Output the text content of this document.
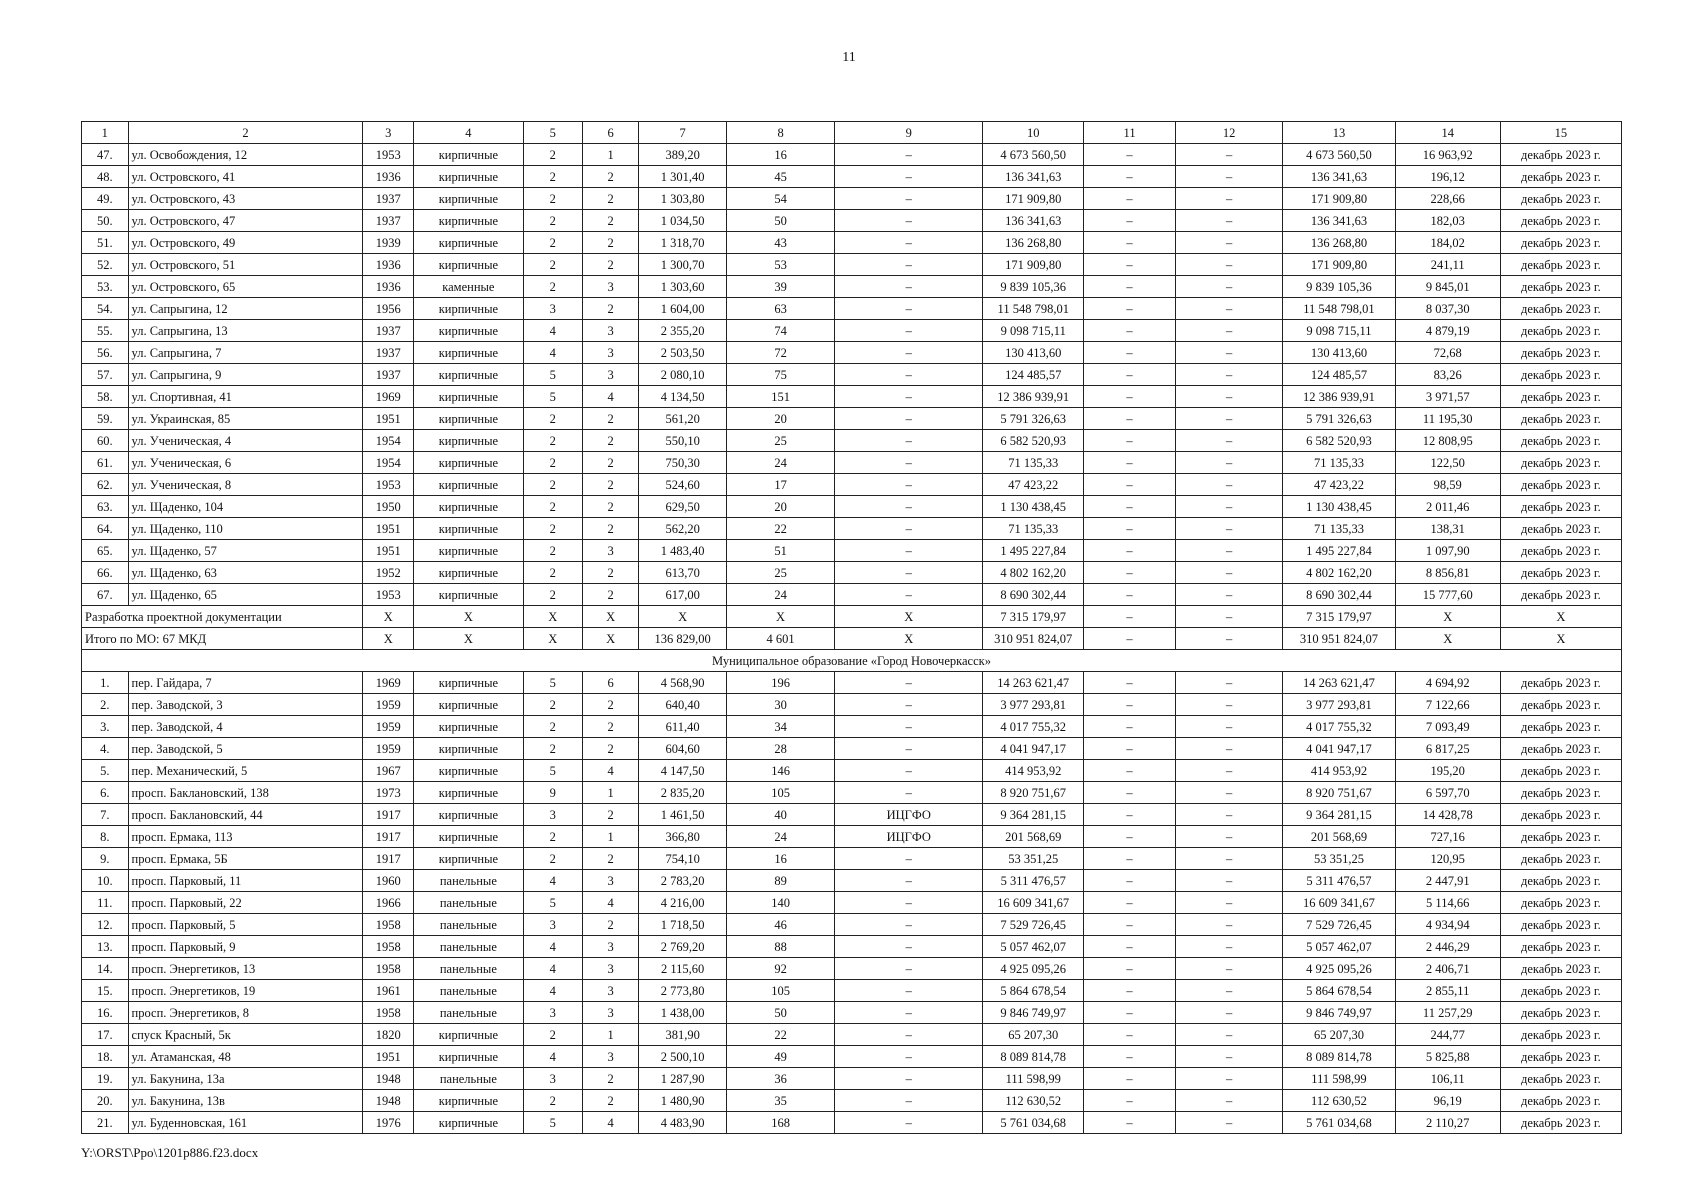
11
1	2	3	4	5	6	7	8	9	10	11	12	13	14	15
47.	ул. Освобождения, 12	1953	кирпичные	2	1	389,20	16	–	4 673 560,50	–	–	4 673 560,50	16 963,92	декабрь 2023 г.
48.	ул. Островского, 41	1936	кирпичные	2	2	1 301,40	45	–	136 341,63	–	–	136 341,63	196,12	декабрь 2023 г.
49.	ул. Островского, 43	1937	кирпичные	2	2	1 303,80	54	–	171 909,80	–	–	171 909,80	228,66	декабрь 2023 г.
50.	ул. Островского, 47	1937	кирпичные	2	2	1 034,50	50	–	136 341,63	–	–	136 341,63	182,03	декабрь 2023 г.
51.	ул. Островского, 49	1939	кирпичные	2	2	1 318,70	43	–	136 268,80	–	–	136 268,80	184,02	декабрь 2023 г.
52.	ул. Островского, 51	1936	кирпичные	2	2	1 300,70	53	–	171 909,80	–	–	171 909,80	241,11	декабрь 2023 г.
53.	ул. Островского, 65	1936	каменные	2	3	1 303,60	39	–	9 839 105,36	–	–	9 839 105,36	9 845,01	декабрь 2023 г.
54.	ул. Сапрыгина, 12	1956	кирпичные	3	2	1 604,00	63	–	11 548 798,01	–	–	11 548 798,01	8 037,30	декабрь 2023 г.
55.	ул. Сапрыгина, 13	1937	кирпичные	4	3	2 355,20	74	–	9 098 715,11	–	–	9 098 715,11	4 879,19	декабрь 2023 г.
56.	ул. Сапрыгина, 7	1937	кирпичные	4	3	2 503,50	72	–	130 413,60	–	–	130 413,60	72,68	декабрь 2023 г.
57.	ул. Сапрыгина, 9	1937	кирпичные	5	3	2 080,10	75	–	124 485,57	–	–	124 485,57	83,26	декабрь 2023 г.
58.	ул. Спортивная, 41	1969	кирпичные	5	4	4 134,50	151	–	12 386 939,91	–	–	12 386 939,91	3 971,57	декабрь 2023 г.
59.	ул. Украинская, 85	1951	кирпичные	2	2	561,20	20	–	5 791 326,63	–	–	5 791 326,63	11 195,30	декабрь 2023 г.
60.	ул. Ученическая, 4	1954	кирпичные	2	2	550,10	25	–	6 582 520,93	–	–	6 582 520,93	12 808,95	декабрь 2023 г.
61.	ул. Ученическая, 6	1954	кирпичные	2	2	750,30	24	–	71 135,33	–	–	71 135,33	122,50	декабрь 2023 г.
62.	ул. Ученическая, 8	1953	кирпичные	2	2	524,60	17	–	47 423,22	–	–	47 423,22	98,59	декабрь 2023 г.
63.	ул. Щаденко, 104	1950	кирпичные	2	2	629,50	20	–	1 130 438,45	–	–	1 130 438,45	2 011,46	декабрь 2023 г.
64.	ул. Щаденко, 110	1951	кирпичные	2	2	562,20	22	–	71 135,33	–	–	71 135,33	138,31	декабрь 2023 г.
65.	ул. Щаденко, 57	1951	кирпичные	2	3	1 483,40	51	–	1 495 227,84	–	–	1 495 227,84	1 097,90	декабрь 2023 г.
66.	ул. Щаденко, 63	1952	кирпичные	2	2	613,70	25	–	4 802 162,20	–	–	4 802 162,20	8 856,81	декабрь 2023 г.
67.	ул. Щаденко, 65	1953	кирпичные	2	2	617,00	24	–	8 690 302,44	–	–	8 690 302,44	15 777,60	декабрь 2023 г.
Разработка проектной документации		X	X	X	X	X	X	X	7 315 179,97	–	–	7 315 179,97	X	X
Итого по МО: 67 МКД		X	X	X	X	136 829,00	4 601	X	310 951 824,07	–	–	310 951 824,07	X	X
Муниципальное образование «Город Новочеркасск»														
1.	пер. Гайдара, 7	1969	кирпичные	5	6	4 568,90	196	–	14 263 621,47	–	–	14 263 621,47	4 694,92	декабрь 2023 г.
2.	пер. Заводской, 3	1959	кирпичные	2	2	640,40	30	–	3 977 293,81	–	–	3 977 293,81	7 122,66	декабрь 2023 г.
3.	пер. Заводской, 4	1959	кирпичные	2	2	611,40	34	–	4 017 755,32	–	–	4 017 755,32	7 093,49	декабрь 2023 г.
4.	пер. Заводской, 5	1959	кирпичные	2	2	604,60	28	–	4 041 947,17	–	–	4 041 947,17	6 817,25	декабрь 2023 г.
5.	пер. Механический, 5	1967	кирпичные	5	4	4 147,50	146	–	414 953,92	–	–	414 953,92	195,20	декабрь 2023 г.
6.	просп. Баклановский, 138	1973	кирпичные	9	1	2 835,20	105	–	8 920 751,67	–	–	8 920 751,67	6 597,70	декабрь 2023 г.
7.	просп. Баклановский, 44	1917	кирпичные	3	2	1 461,50	40	ИЦГФО	9 364 281,15	–	–	9 364 281,15	14 428,78	декабрь 2023 г.
8.	просп. Ермака, 113	1917	кирпичные	2	1	366,80	24	ИЦГФО	201 568,69	–	–	201 568,69	727,16	декабрь 2023 г.
9.	просп. Ермака, 5Б	1917	кирпичные	2	2	754,10	16	–	53 351,25	–	–	53 351,25	120,95	декабрь 2023 г.
10.	просп. Парковый, 11	1960	панельные	4	3	2 783,20	89	–	5 311 476,57	–	–	5 311 476,57	2 447,91	декабрь 2023 г.
11.	просп. Парковый, 22	1966	панельные	5	4	4 216,00	140	–	16 609 341,67	–	–	16 609 341,67	5 114,66	декабрь 2023 г.
12.	просп. Парковый, 5	1958	панельные	3	2	1 718,50	46	–	7 529 726,45	–	–	7 529 726,45	4 934,94	декабрь 2023 г.
13.	просп. Парковый, 9	1958	панельные	4	3	2 769,20	88	–	5 057 462,07	–	–	5 057 462,07	2 446,29	декабрь 2023 г.
14.	просп. Энергетиков, 13	1958	панельные	4	3	2 115,60	92	–	4 925 095,26	–	–	4 925 095,26	2 406,71	декабрь 2023 г.
15.	просп. Энергетиков, 19	1961	панельные	4	3	2 773,80	105	–	5 864 678,54	–	–	5 864 678,54	2 855,11	декабрь 2023 г.
16.	просп. Энергетиков, 8	1958	панельные	3	3	1 438,00	50	–	9 846 749,97	–	–	9 846 749,97	11 257,29	декабрь 2023 г.
17.	спуск Красный, 5к	1820	кирпичные	2	1	381,90	22	–	65 207,30	–	–	65 207,30	244,77	декабрь 2023 г.
18.	ул. Атаманская, 48	1951	кирпичные	4	3	2 500,10	49	–	8 089 814,78	–	–	8 089 814,78	5 825,88	декабрь 2023 г.
19.	ул. Бакунина, 13а	1948	панельные	3	2	1 287,90	36	–	111 598,99	–	–	111 598,99	106,11	декабрь 2023 г.
20.	ул. Бакунина, 13в	1948	кирпичные	2	2	1 480,90	35	–	112 630,52	–	–	112 630,52	96,19	декабрь 2023 г.
21.	ул. Буденновская, 161	1976	кирпичные	5	4	4 483,90	168	–	5 761 034,68	–	–	5 761 034,68	2 110,27	декабрь 2023 г.
Y:\ORST\Ppo\1201p886.f23.docx
